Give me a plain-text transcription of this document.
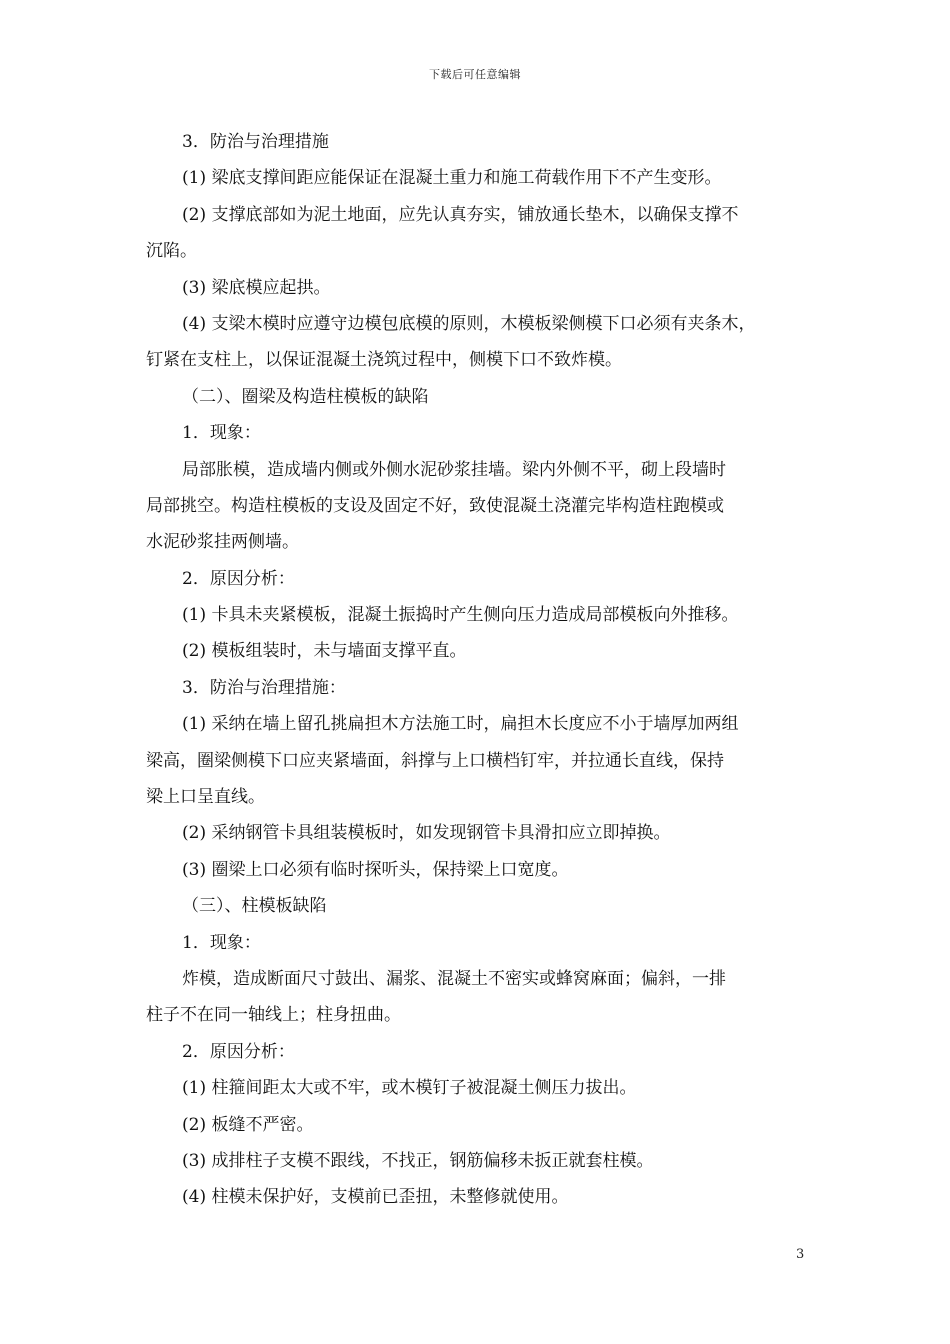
下载后可任意编辑
3．防治与治理措施
(1) 梁底支撑间距应能保证在混凝土重力和施工荷载作用下不产生变形。
(2) 支撑底部如为泥土地面，应先认真夯实，铺放通长垫木，以确保支撑不
沉陷。
(3) 梁底模应起拱。
(4) 支梁木模时应遵守边模包底模的原则，木模板梁侧模下口必须有夹条木，
钉紧在支柱上，以保证混凝土浇筑过程中，侧模下口不致炸模。
（二）、圈梁及构造柱模板的缺陷
1．现象：
局部胀模，造成墙内侧或外侧水泥砂浆挂墙。梁内外侧不平，砌上段墙时
局部挑空。构造柱模板的支设及固定不好，致使混凝土浇灌完毕构造柱跑模或
水泥砂浆挂两侧墙。
2．原因分析：
(1) 卡具未夹紧模板，混凝土振捣时产生侧向压力造成局部模板向外推移。
(2) 模板组装时，未与墙面支撑平直。
3．防治与治理措施：
(1) 采纳在墙上留孔挑扁担木方法施工时，扁担木长度应不小于墙厚加两组
梁高，圈梁侧模下口应夹紧墙面，斜撑与上口横档钉牢，并拉通长直线，保持
梁上口呈直线。
(2) 采纳钢管卡具组装模板时，如发现钢管卡具滑扣应立即掉换。
(3) 圈梁上口必须有临时探听头，保持梁上口宽度。
（三）、柱模板缺陷
1．现象：
炸模，造成断面尺寸鼓出、漏浆、混凝土不密实或蜂窝麻面；偏斜，一排
柱子不在同一轴线上；柱身扭曲。
2．原因分析：
(1) 柱箍间距太大或不牢，或木模钉子被混凝土侧压力拔出。
(2) 板缝不严密。
(3) 成排柱子支模不跟线，不找正，钢筋偏移未扳正就套柱模。
(4) 柱模未保护好，支模前已歪扭，未整修就使用。
3
